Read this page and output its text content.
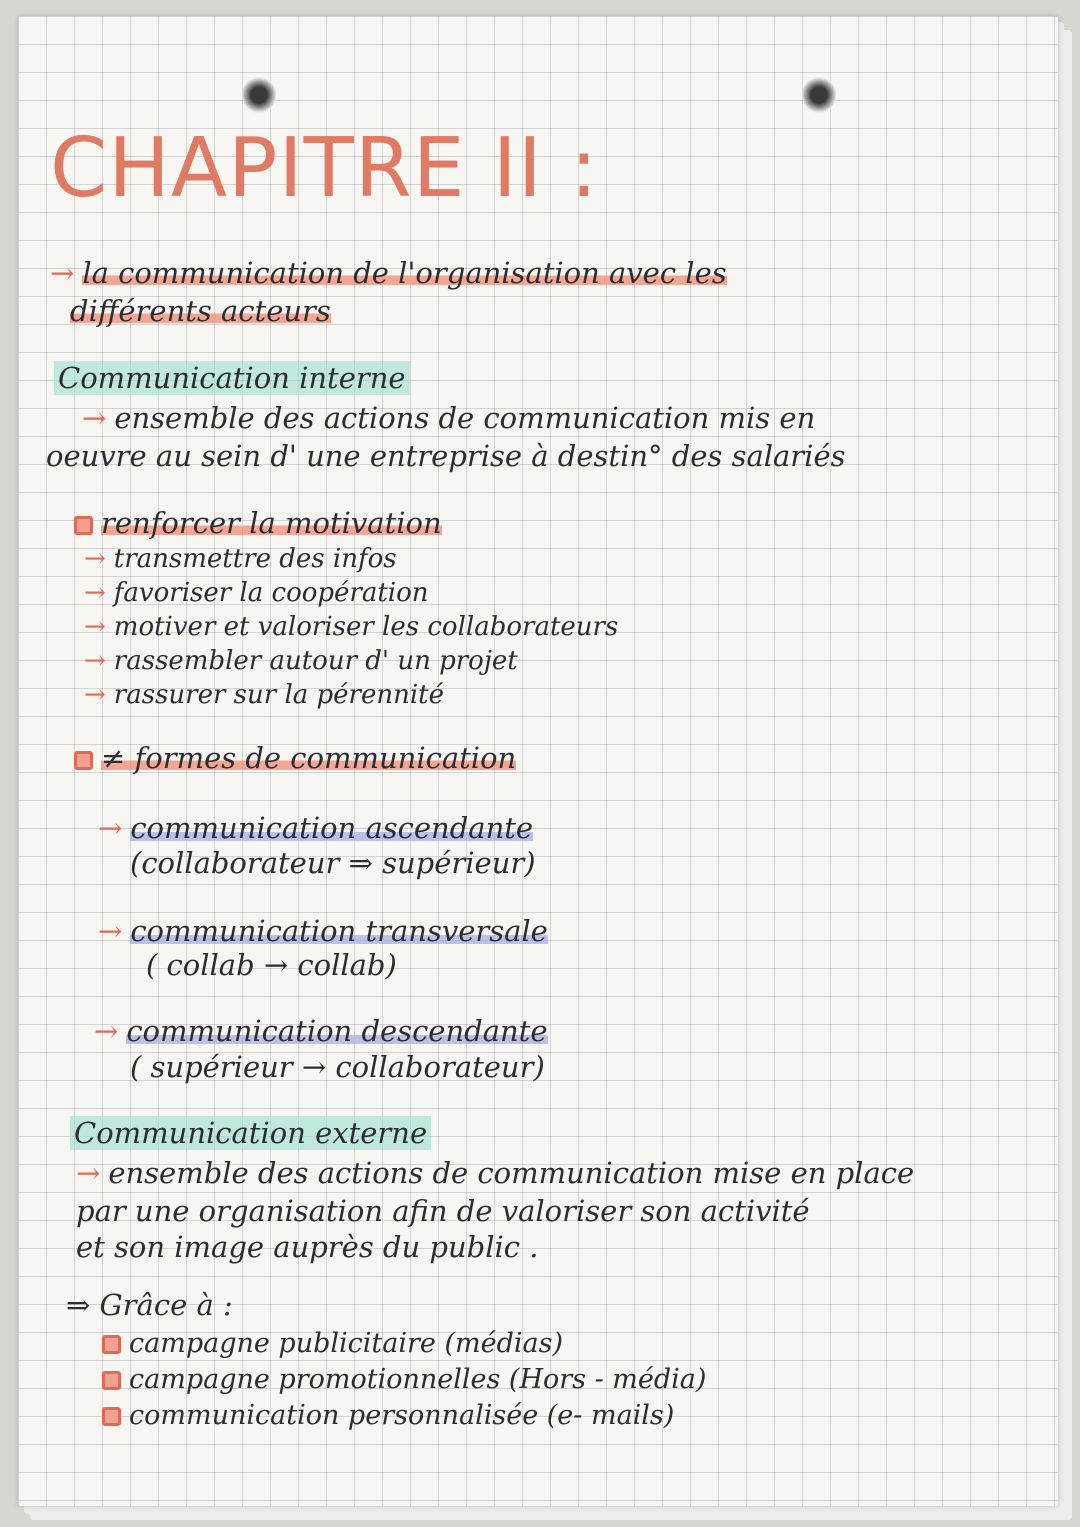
CHAPITRE II :
→ la communication de l'organisation avec les
différents acteurs
Communication interne
→ ensemble des actions de communication mis en
oeuvre au sein d' une entreprise à destin° des salariés
renforcer la motivation
→ transmettre des infos
→ favoriser la coopération
→ motiver et valoriser les collaborateurs
→ rassembler autour d' un projet
→ rassurer sur la pérennité
≠ formes de communication
→ communication ascendante
(collaborateur ⇒ supérieur)
→ communication transversale
( collab → collab)
→ communication descendante
( supérieur → collaborateur)
Communication externe
→ ensemble des actions de communication mise en place
par une organisation afin de valoriser son activité
et son image auprès du public .
⇒ Grâce à :
campagne publicitaire (médias)
campagne promotionnelles (Hors - média)
communication personnalisée (e- mails)
